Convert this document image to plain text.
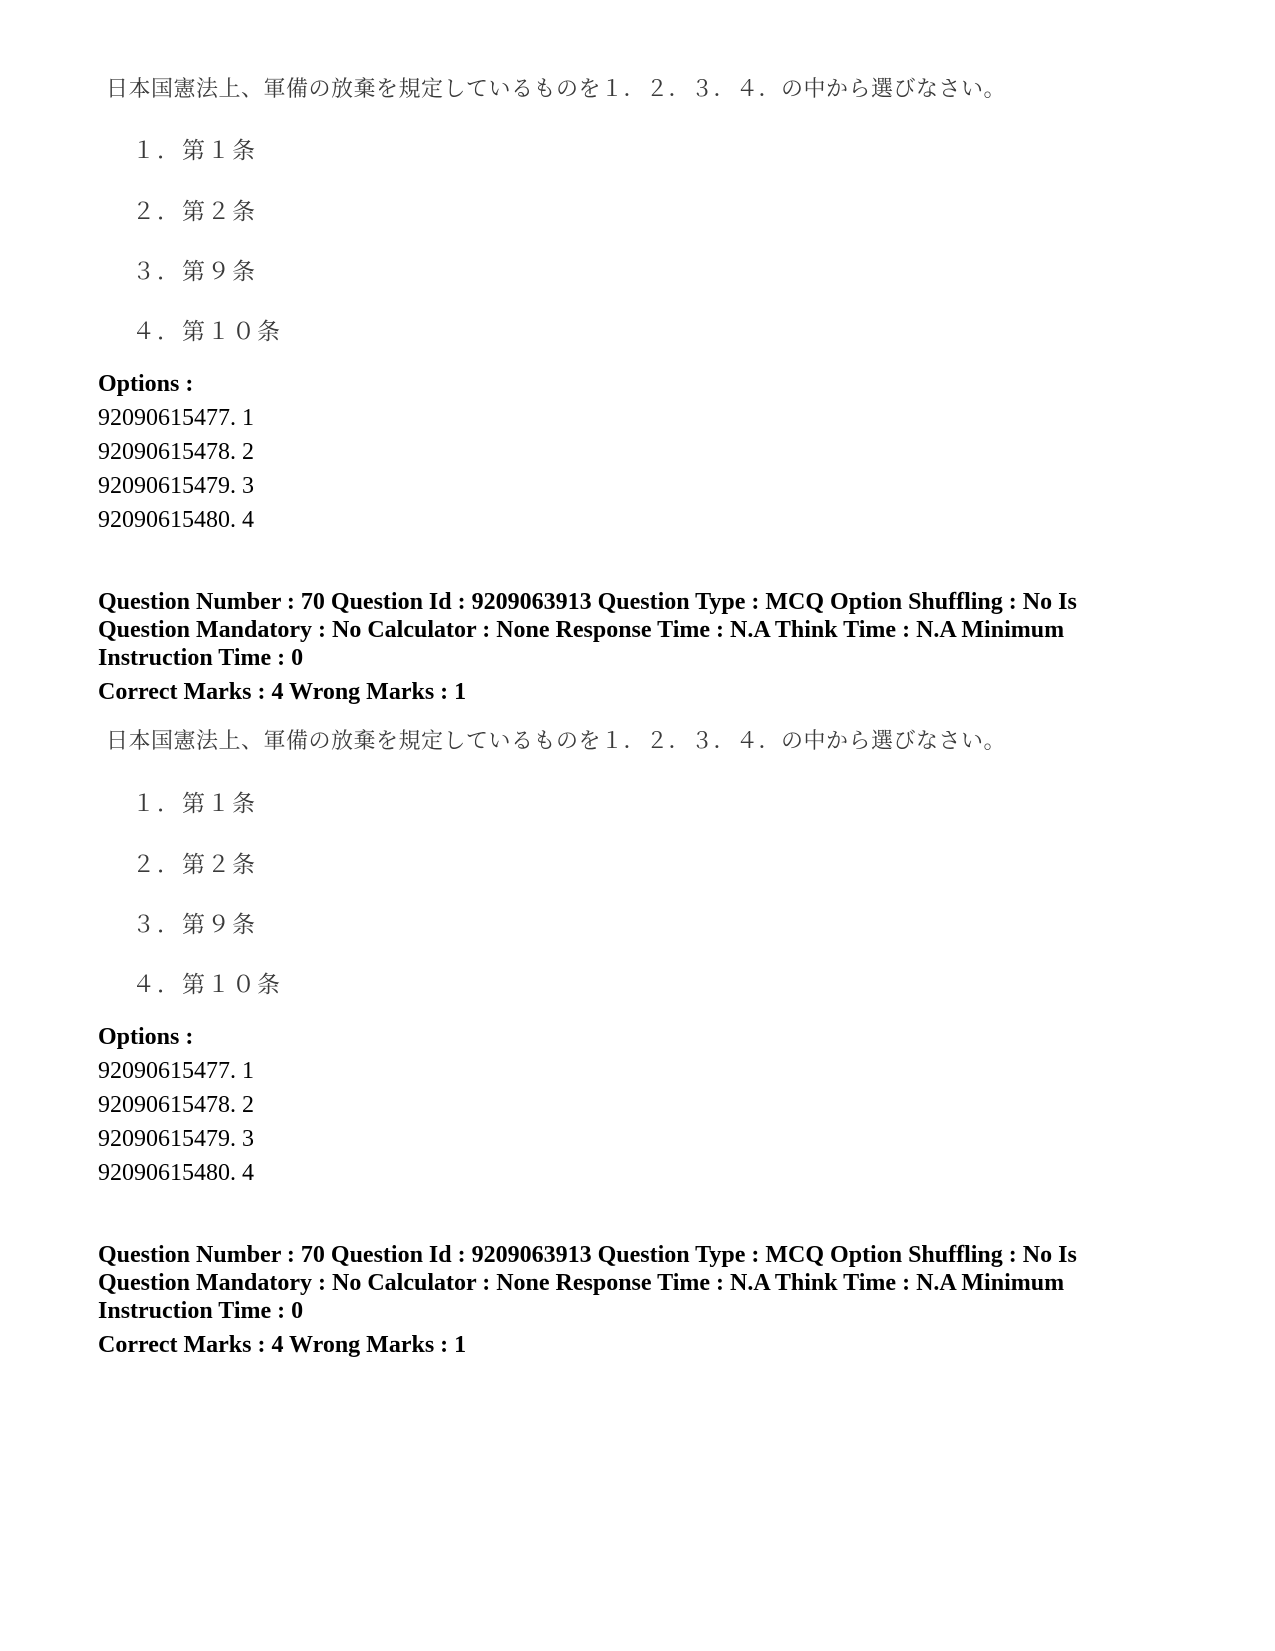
日本国憲法上、軍備の放棄を規定しているものを１．２．３．４．の中から選びなさい。
１．第１条
２．第２条
３．第９条
４．第１０条
Options :
92090615477. 1
92090615478. 2
92090615479. 3
92090615480. 4
Question Number : 70 Question Id : 9209063913 Question Type : MCQ Option Shuffling : No Is
Question Mandatory : No Calculator : None Response Time : N.A Think Time : N.A Minimum
Instruction Time : 0
Correct Marks : 4 Wrong Marks : 1
日本国憲法上、軍備の放棄を規定しているものを１．２．３．４．の中から選びなさい。
１．第１条
２．第２条
３．第９条
４．第１０条
Options :
92090615477. 1
92090615478. 2
92090615479. 3
92090615480. 4
Question Number : 70 Question Id : 9209063913 Question Type : MCQ Option Shuffling : No Is
Question Mandatory : No Calculator : None Response Time : N.A Think Time : N.A Minimum
Instruction Time : 0
Correct Marks : 4 Wrong Marks : 1
